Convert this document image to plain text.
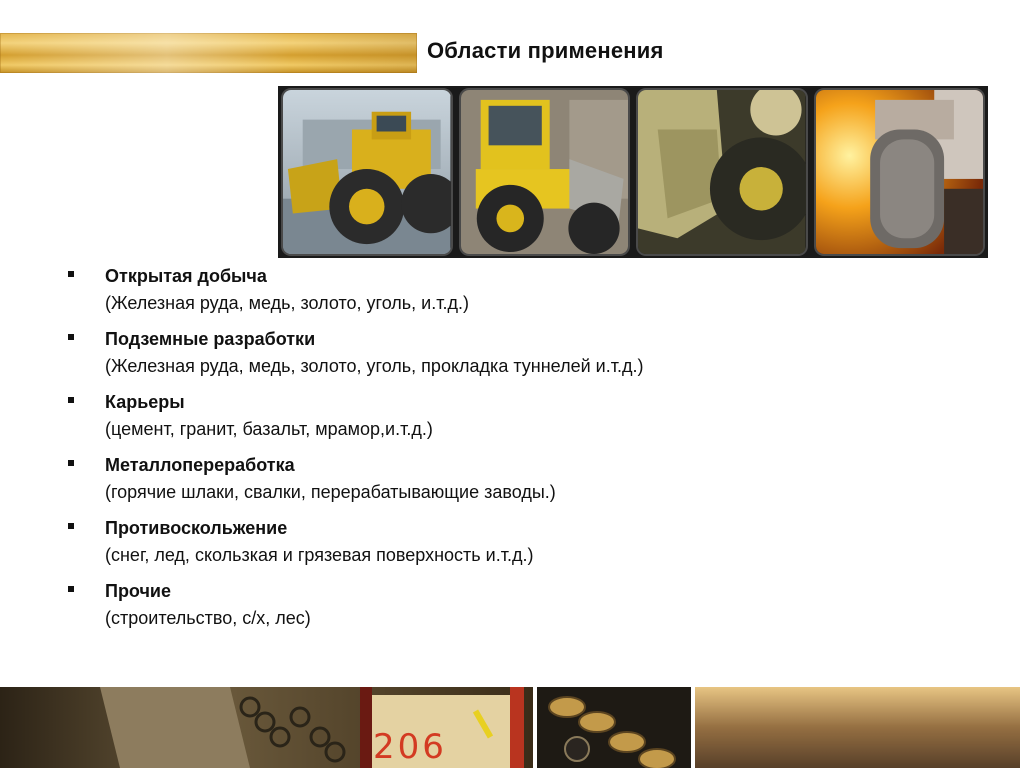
Области применения
Открытая добыча
(Железная руда, медь, золото, уголь, и.т.д.)
Подземные разработки
(Железная руда, медь, золото, уголь, прокладка туннелей и.т.д.)
Карьеры
(цемент, гранит, базальт, мрамор,и.т.д.)
Металлопереработка
(горячие шлаки, свалки, перерабатывающие заводы.)
Противоскольжение
(снег, лед, скользкая и грязевая поверхность и.т.д.)
Прочие
(строительство, с/х, лес)
206
